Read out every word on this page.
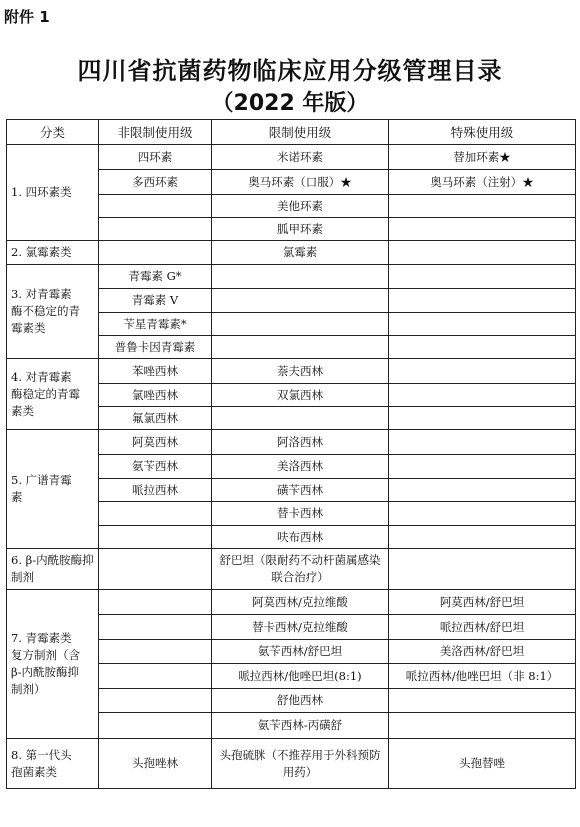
附件 1
四川省抗菌药物临床应用分级管理目录
（2022 年版）
分类	非限制使用级	限制使用级	特殊使用级

1. 四环素类	四环素	米诺环素	替加环素★
	多西环素	奥马环素（口服）★	奥马环素（注射）★
		美他环素	
		胍甲环素	

2. 氯霉素类		氯霉素	

3. 对青霉素酶不稳定的青霉素类	青霉素 G*		
	青霉素 V		
	苄星青霉素*		
	普鲁卡因青霉素		

4. 对青霉素酶稳定的青霉素类	苯唑西林	萘夫西林	
	氯唑西林	双氯西林	
	氟氯西林		

5. 广谱青霉素	阿莫西林	阿洛西林	
	氨苄西林	美洛西林	
	哌拉西林	磺苄西林	
		替卡西林	
		呋布西林	

6. β-内酰胺酶抑制剂		舒巴坦（限耐药不动杆菌属感染联合治疗）	

7. 青霉素类复方制剂（含β-内酰胺酶抑制剂）		阿莫西林/克拉维酸	阿莫西林/舒巴坦
		替卡西林/克拉维酸	哌拉西林/舒巴坦
		氨苄西林/舒巴坦	美洛西林/舒巴坦
		哌拉西林/他唑巴坦(8:1)	哌拉西林/他唑巴坦（非 8:1）
		舒他西林	
		氨苄西林-丙磺舒	

8. 第一代头孢菌素类	头孢唑林	头孢硫脒（不推荐用于外科预防用药）	头孢替唑
